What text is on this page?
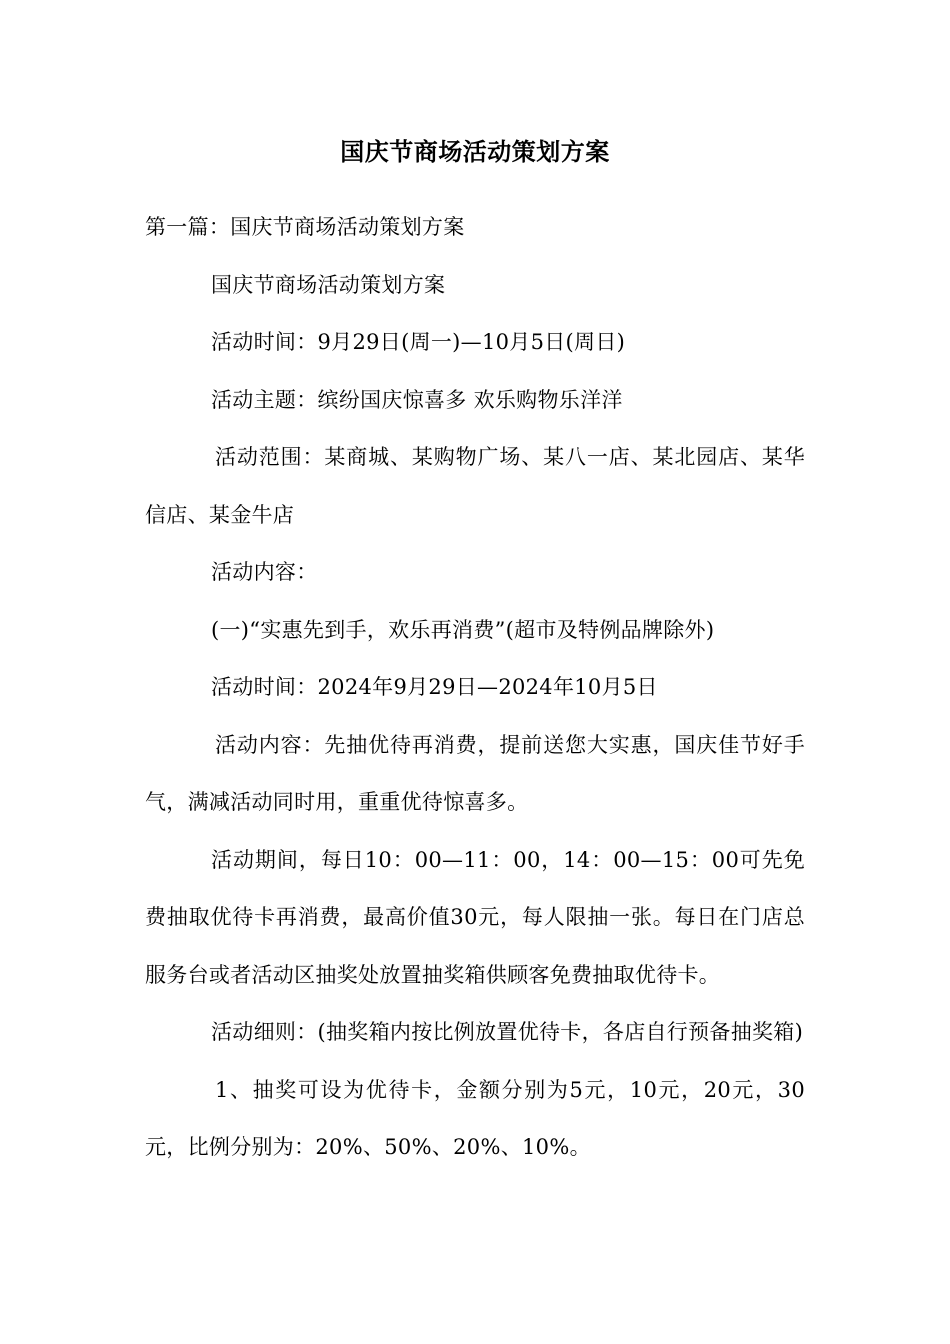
国庆节商场活动策划方案

第一篇：国庆节商场活动策划方案

国庆节商场活动策划方案

活动时间：9月29日(周一)—10月5日(周日)

活动主题：缤纷国庆惊喜多 欢乐购物乐洋洋

活动范围：某商城、某购物广场、某八一店、某北园店、某华信店、某金牛店

活动内容：

(一)“实惠先到手，欢乐再消费”(超市及特例品牌除外)

活动时间：2024年9月29日—2024年10月5日

活动内容：先抽优待再消费，提前送您大实惠，国庆佳节好手气，满减活动同时用，重重优待惊喜多。

活动期间，每日10：00—11：00，14：00—15：00可先免费抽取优待卡再消费，最高价值30元，每人限抽一张。每日在门店总服务台或者活动区抽奖处放置抽奖箱供顾客免费抽取优待卡。

活动细则：(抽奖箱内按比例放置优待卡，各店自行预备抽奖箱)

1、抽奖可设为优待卡，金额分别为5元，10元，20元，30元，比例分别为：20%、50%、20%、10%。
